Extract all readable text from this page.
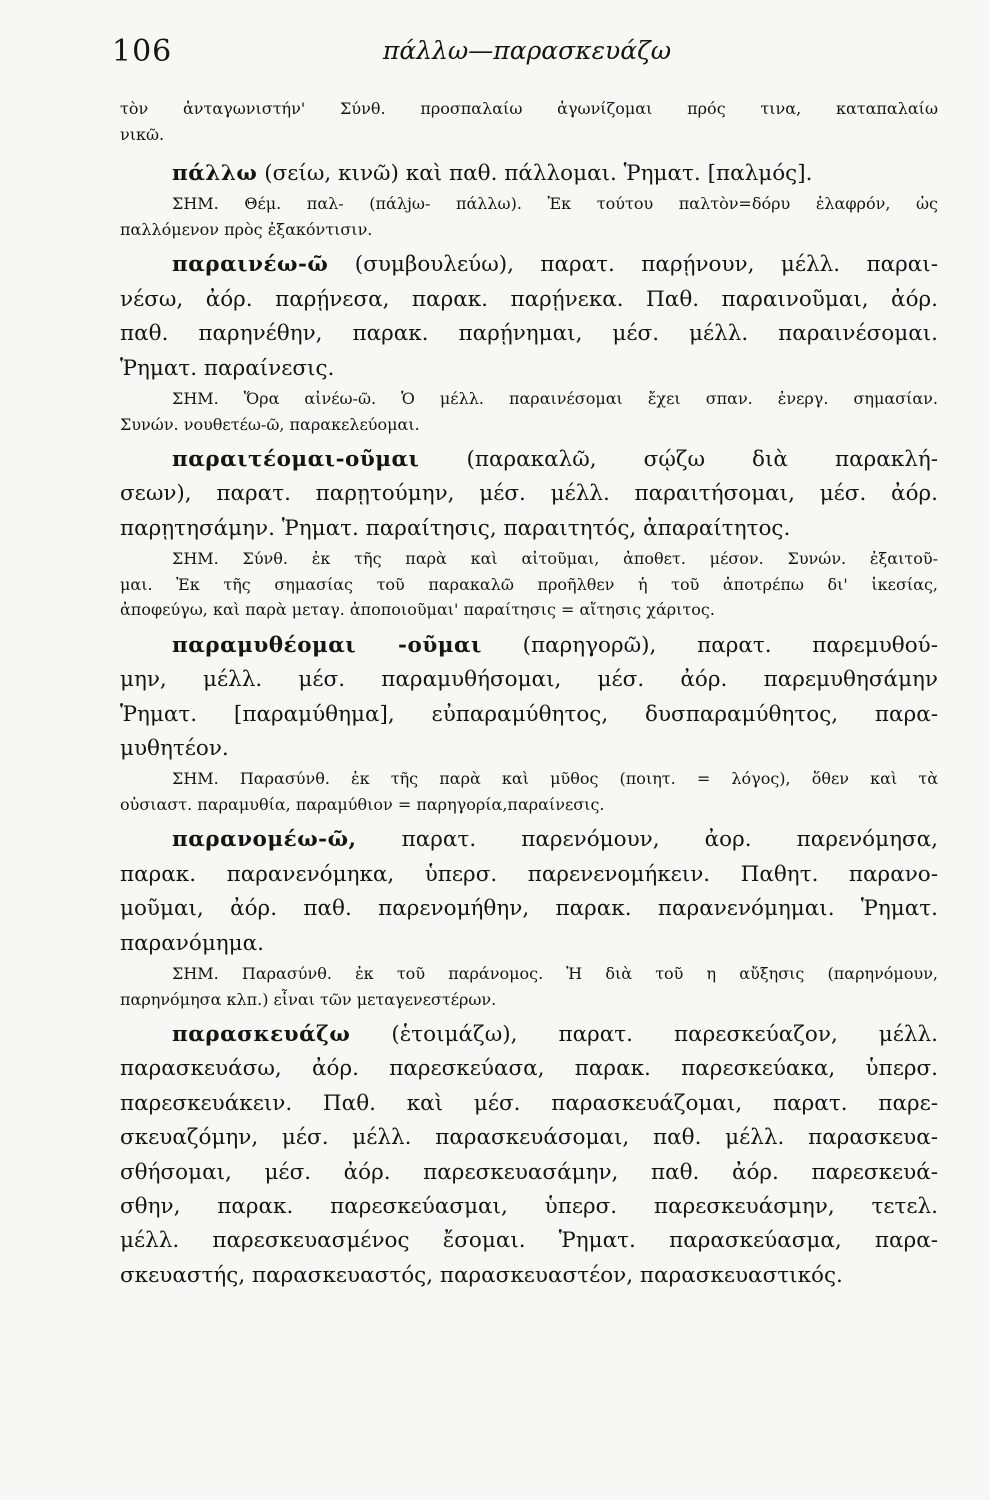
106	πάλλω—παρασκευάζω
τὸν ἀνταγωνιστήν' Σύνθ. προσπαλαίω ἀγωνίζομαι πρός τινα, καταπαλαίω
νικῶ.
πάλλω (σείω, κινῶ) καὶ παθ. πάλλομαι. Ῥηματ. [παλμός].
ΣΗΜ. Θέμ. παλ- (πάλjω- πάλλω). Ἐκ τούτου παλτὸν=δόρυ ἐλαφρόν, ὡς
παλλόμενον πρὸς ἐξακόντισιν.
παραινέω-ῶ (συμβουλεύω), παρατ. παρῄνουν, μέλλ. παραι-
νέσω, ἀόρ. παρῄνεσα, παρακ. παρῄνεκα. Παθ. παραινοῦμαι, ἀόρ.
παθ. παρηνέθην, παρακ. παρῄνημαι, μέσ. μέλλ. παραινέσομαι.
Ῥηματ. παραίνεσις.
ΣΗΜ. Ὅρα αἰνέω-ῶ. Ὁ μέλλ. παραινέσομαι ἔχει σπαν. ἐνεργ. σημασίαν.
Συνών. νουθετέω-ῶ, παρακελεύομαι.
παραιτέομαι-οῦμαι (παρακαλῶ, σῴζω διὰ παρακλή-
σεων), παρατ. παρῃτούμην, μέσ. μέλλ. παραιτήσομαι, μέσ. ἀόρ.
παρῃτησάμην. Ῥηματ. παραίτησις, παραιτητός, ἀπαραίτητος.
ΣΗΜ. Σύνθ. ἐκ τῆς παρὰ καὶ αἰτοῦμαι, ἀποθετ. μέσον. Συνών. ἐξαιτοῦ-
μαι. Ἐκ τῆς σημασίας τοῦ παρακαλῶ προῆλθεν ἡ τοῦ ἀποτρέπω δι' ἱκεσίας,
ἀποφεύγω, καὶ παρὰ μεταγ. ἀποποιοῦμαι' παραίτησις = αἴτησις χάριτος.
παραμυθέομαι -οῦμαι (παρηγορῶ), παρατ. παρεμυθού-
μην, μέλλ. μέσ. παραμυθήσομαι, μέσ. ἀόρ. παρεμυθησάμην
Ῥηματ. [παραμύθημα], εὐπαραμύθητος, δυσπαραμύθητος, παρα-
μυθητέον.
ΣΗΜ. Παρασύνθ. ἐκ τῆς παρὰ καὶ μῦθος (ποιητ. = λόγος), ὅθεν καὶ τὰ
οὐσιαστ. παραμυθία, παραμύθιον = παρηγορία,παραίνεσις.
παρανομέω-ῶ, παρατ. παρενόμουν, ἀορ. παρενόμησα,
παρακ. παρανενόμηκα, ὑπερσ. παρενενομήκειν. Παθητ. παρανο-
μοῦμαι, ἀόρ. παθ. παρενομήθην, παρακ. παρανενόμημαι. Ῥηματ.
παρανόμημα.
ΣΗΜ. Παρασύνθ. ἐκ τοῦ παράνομος. Ἡ διὰ τοῦ η αὔξησις (παρηνόμουν,
παρηνόμησα κλπ.) εἶναι τῶν μεταγενεστέρων.
παρασκευάζω (ἑτοιμάζω), παρατ. παρεσκεύαζον, μέλλ.
παρασκευάσω, ἀόρ. παρεσκεύασα, παρακ. παρεσκεύακα, ὑπερσ.
παρεσκευάκειν. Παθ. καὶ μέσ. παρασκευάζομαι, παρατ. παρε-
σκευαζόμην, μέσ. μέλλ. παρασκευάσομαι, παθ. μέλλ. παρασκευα-
σθήσομαι, μέσ. ἀόρ. παρεσκευασάμην, παθ. ἀόρ. παρεσκευά-
σθην, παρακ. παρεσκεύασμαι, ὑπερσ. παρεσκευάσμην, τετελ.
μέλλ. παρεσκευασμένος ἔσομαι. Ῥηματ. παρασκεύασμα, παρα-
σκευαστής, παρασκευαστός, παρασκευαστέον, παρασκευαστικός.
